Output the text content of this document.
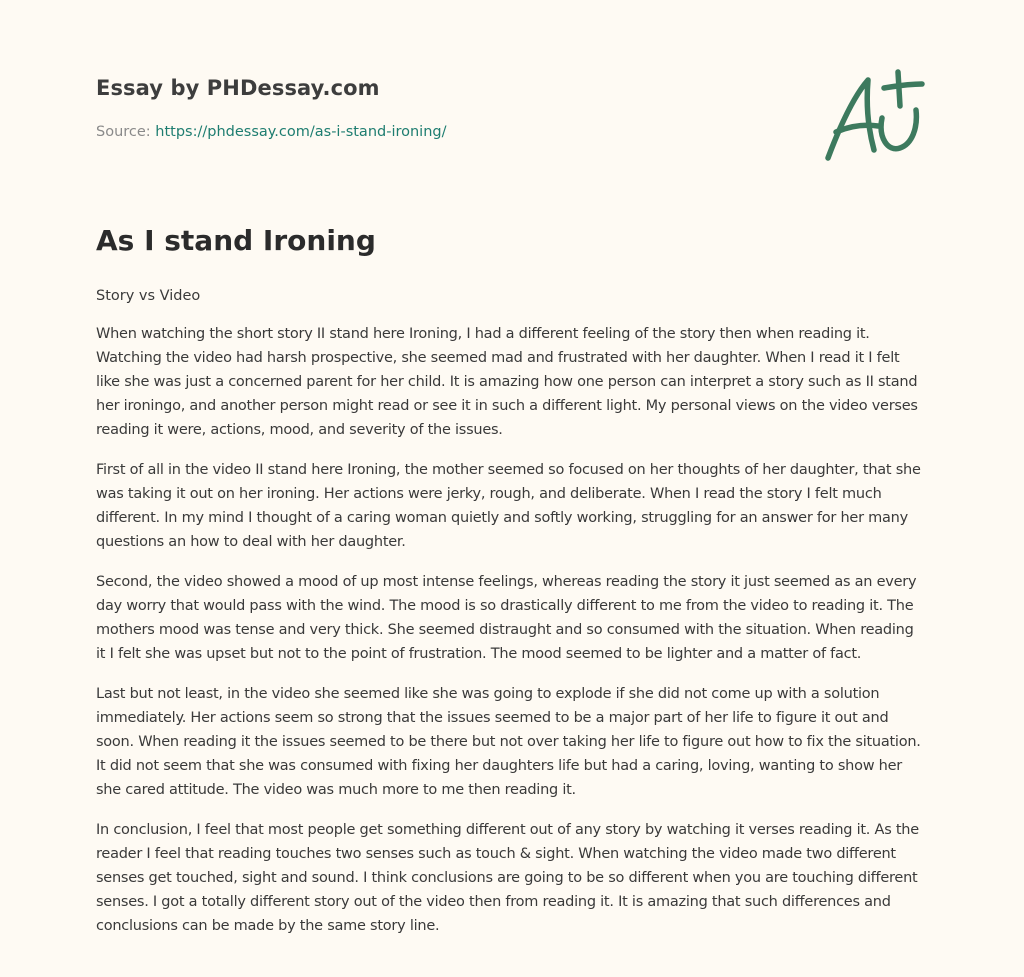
Essay by PHDessay.com
Source: https://phdessay.com/as-i-stand-ironing/
As I stand Ironing
Story vs Video

When watching the short story II stand here Ironing, I had a different feeling of the story then when reading it. Watching the video had harsh prospective, she seemed mad and frustrated with her daughter. When I read it I felt like she was just a concerned parent for her child. It is amazing how one person can interpret a story such as II stand her ironingo, and another person might read or see it in such a different light. My personal views on the video verses reading it were, actions, mood, and severity of the issues.

First of all in the video II stand here Ironing, the mother seemed so focused on her thoughts of her daughter, that she was taking it out on her ironing. Her actions were jerky, rough, and deliberate. When I read the story I felt much different. In my mind I thought of a caring woman quietly and softly working, struggling for an answer for her many questions an how to deal with her daughter.

Second, the video showed a mood of up most intense feelings, whereas reading the story it just seemed as an every day worry that would pass with the wind. The mood is so drastically different to me from the video to reading it. The mothers mood was tense and very thick. She seemed distraught and so consumed with the situation. When reading it I felt she was upset but not to the point of frustration. The mood seemed to be lighter and a matter of fact.

Last but not least, in the video she seemed like she was going to explode if she did not come up with a solution immediately. Her actions seem so strong that the issues seemed to be a major part of her life to figure it out and soon. When reading it the issues seemed to be there but not over taking her life to figure out how to fix the situation. It did not seem that she was consumed with fixing her daughters life but had a caring, loving, wanting to show her she cared attitude. The video was much more to me then reading it.

In conclusion, I feel that most people get something different out of any story by watching it verses reading it. As the reader I feel that reading touches two senses such as touch & sight. When watching the video made two different senses get touched, sight and sound. I think conclusions are going to be so different when you are touching different senses. I got a totally different story out of the video then from reading it. It is amazing that such differences and conclusions can be made by the same story line.
